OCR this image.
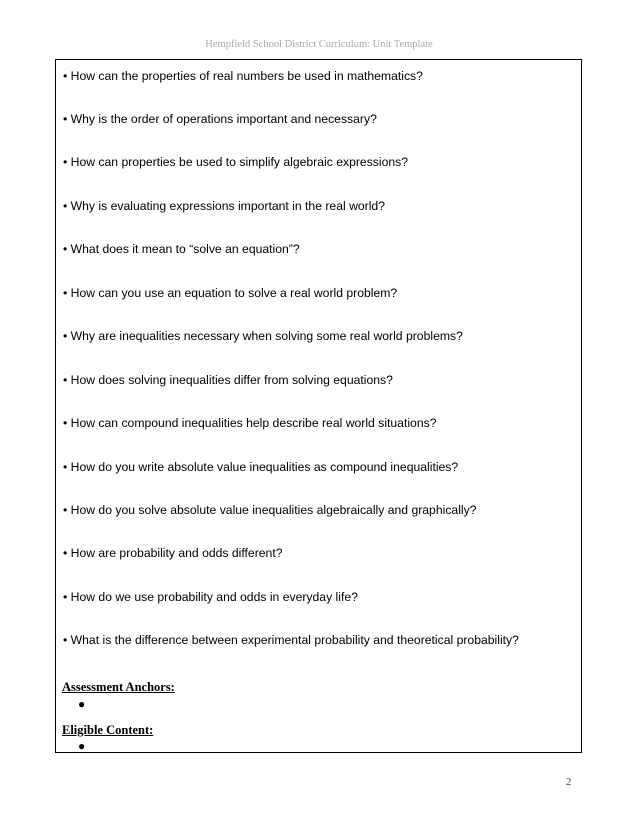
Hempfield School District Curriculum: Unit Template
• How can the properties of real numbers be used in mathematics?
• Why is the order of operations important and necessary?
• How can properties be used to simplify algebraic expressions?
• Why is evaluating expressions important in the real world?
• What does it mean to “solve an equation”?
• How can you use an equation to solve a real world problem?
• Why are inequalities necessary when solving some real world problems?
• How does solving inequalities differ from solving equations?
• How can compound inequalities help describe real world situations?
• How do you write absolute value inequalities as compound inequalities?
• How do you solve absolute value inequalities algebraically and graphically?
• How are probability and odds different?
• How do we use probability and odds in everyday life?
• What is the difference between experimental probability and theoretical probability?
Assessment Anchors:
●
Eligible Content:
●
2
